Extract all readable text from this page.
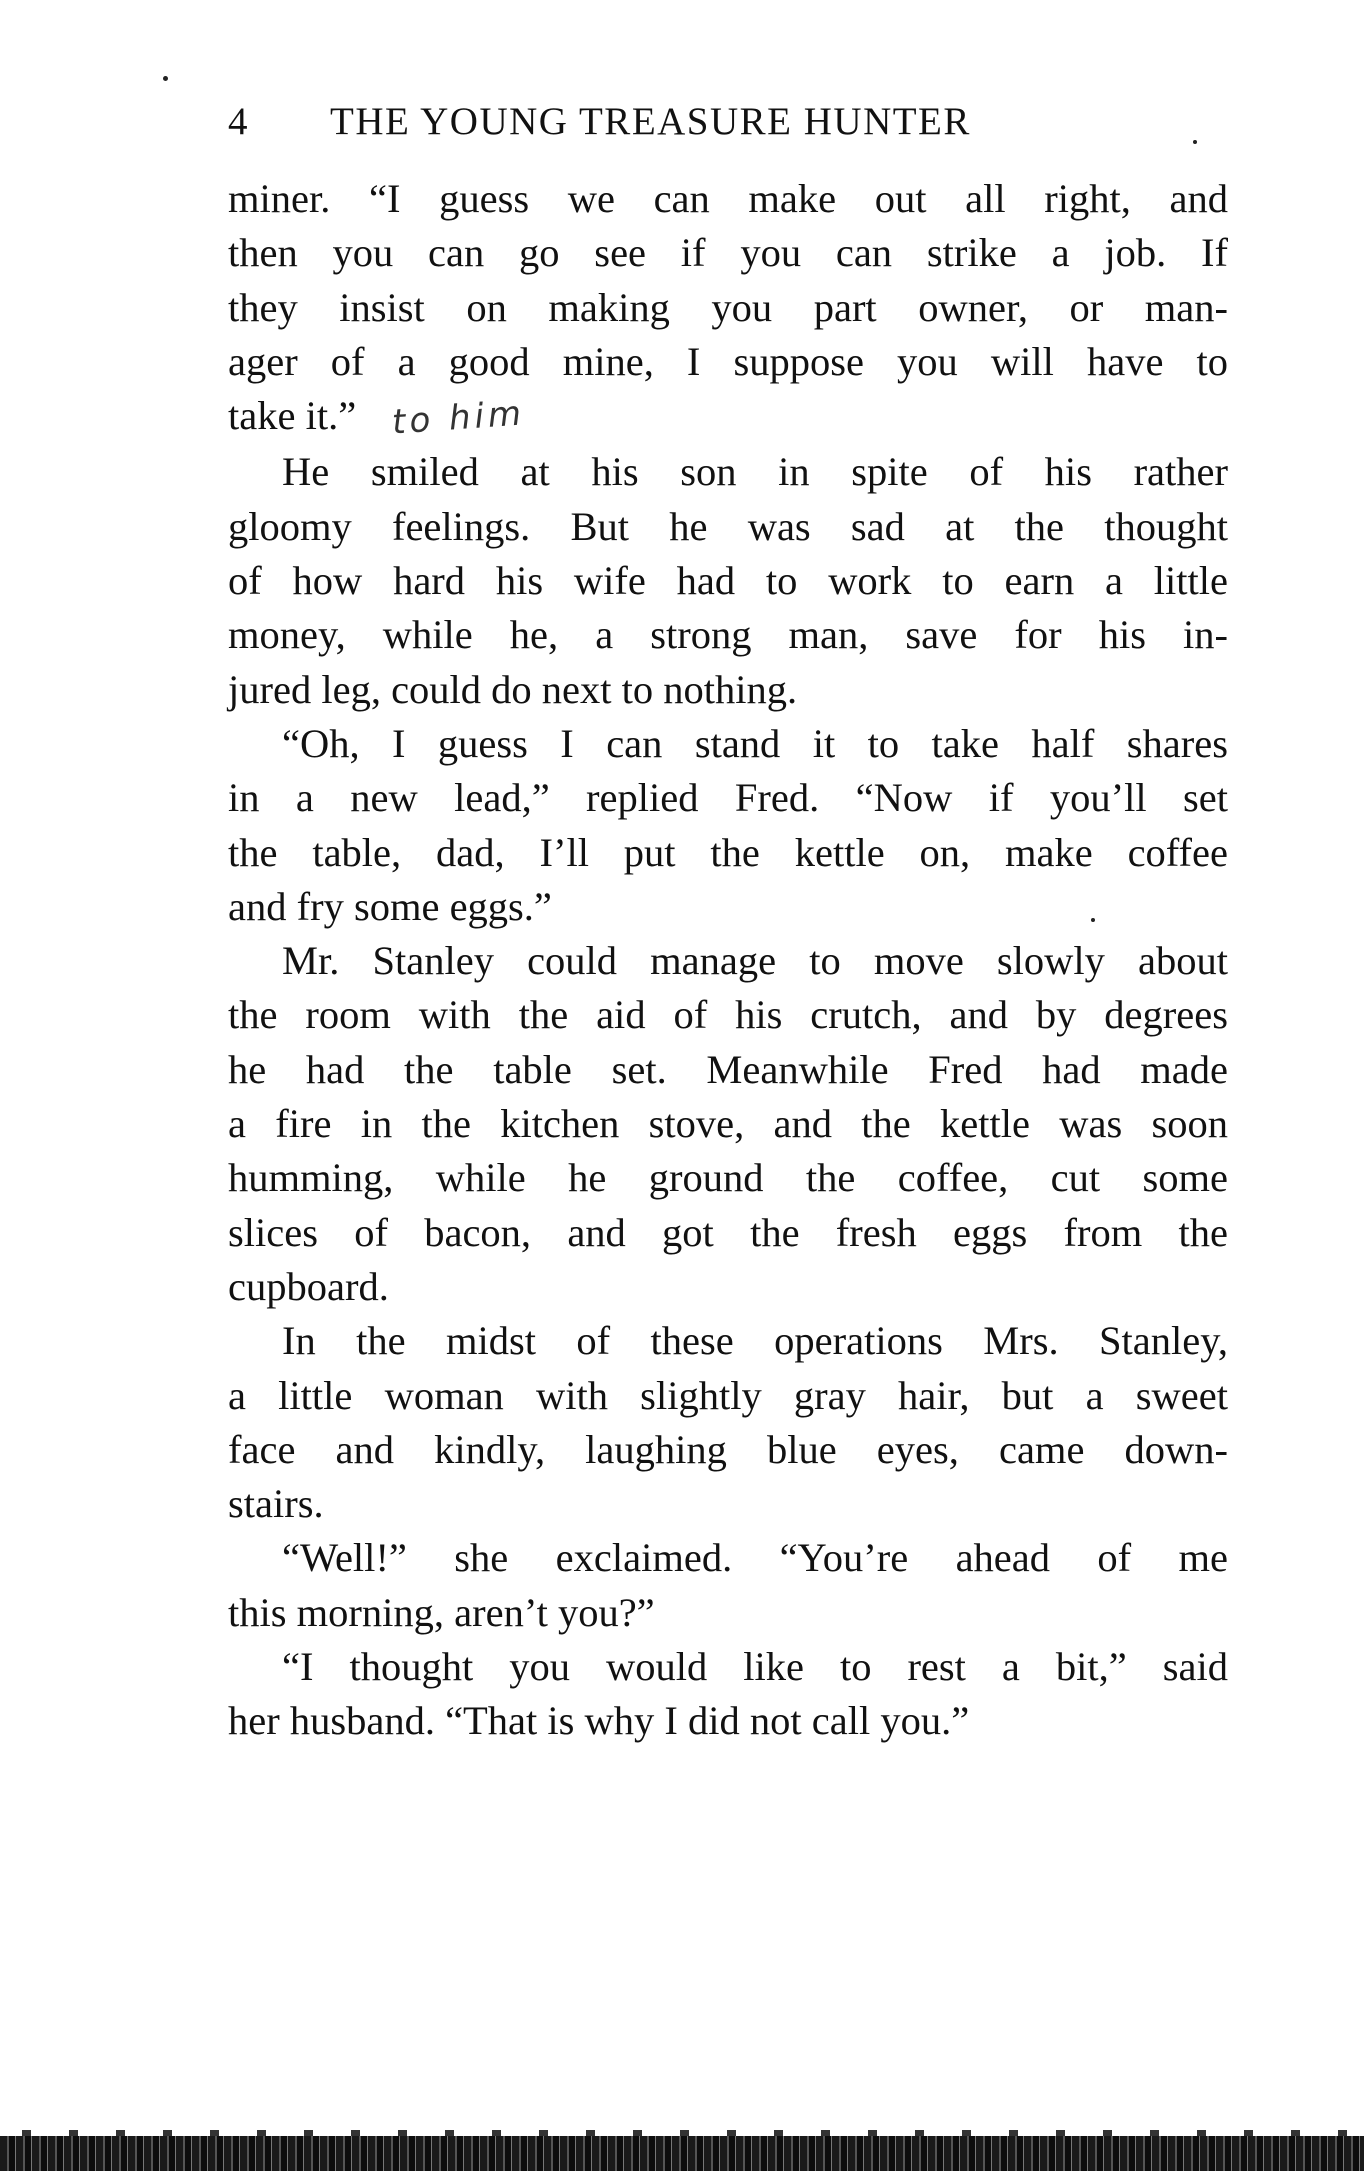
4 THE YOUNG TREASURE HUNTER

miner. “I guess we can make out all right, and

then you can go see if you can strike a job. If

they insist on making you part owner, or man-

ager of a good mine, I suppose you will have to

take it.” to him

He smiled at his son in spite of his rather

gloomy feelings. But he was sad at the thought

of how hard his wife had to work to earn a little

money, while he, a strong man, save for his in-

jured leg, could do next to nothing.

“Oh, I guess I can stand it to take half shares

in a new lead,” replied Fred. “Now if you’ll set

the table, dad, I’ll put the kettle on, make coffee

and fry some eggs.”

Mr. Stanley could manage to move slowly about

the room with the aid of his crutch, and by degrees

he had the table set. Meanwhile Fred had made

a fire in the kitchen stove, and the kettle was soon

humming, while he ground the coffee, cut some

slices of bacon, and got the fresh eggs from the

cupboard.

In the midst of these operations Mrs. Stanley,

a little woman with slightly gray hair, but a sweet

face and kindly, laughing blue eyes, came down-

stairs.

“Well!” she exclaimed. “You’re ahead of me

this morning, aren’t you?”

“I thought you would like to rest a bit,” said

her husband. “That is why I did not call you.”
